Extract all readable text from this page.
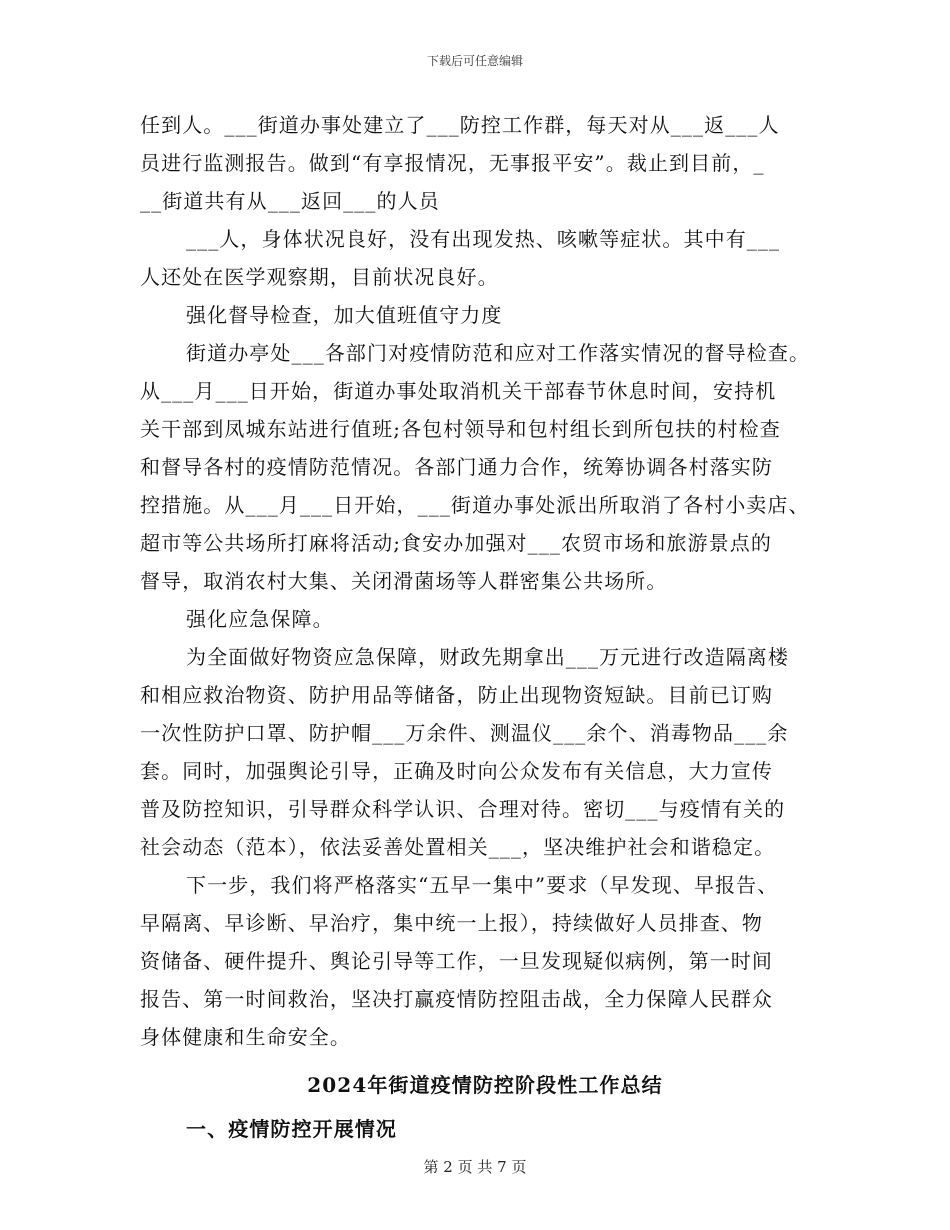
下载后可任意编辑
任到人。___街道办事处建立了___防控工作群，每天对从___返___人
员进行监测报告。做到“有享报情况，无事报平安”。裁止到目前，_
__街道共有从___返回___的人员
___人，身体状况良好，没有出现发热、咳嗽等症状。其中有___
人还处在医学观察期，目前状况良好。
强化督导检查，加大值班值守力度
街道办亭处___各部门对疫情防范和应对工作落实情况的督导检查。
从___月___日开始，街道办事处取消机关干部春节休息时间，安持机
关干部到凤城东站进行值班;各包村领导和包村组长到所包扶的村检查
和督导各村的疫情防范情况。各部门通力合作，统筹协调各村落实防
控措施。从___月___日开始，___街道办事处派出所取消了各村小卖店、
超市等公共场所打麻将活动;食安办加强对___农贸市场和旅游景点的
督导，取消农村大集、关闭滑菌场等人群密集公共场所。
强化应急保障。
为全面做好物资应急保障，财政先期拿出___万元进行改造隔离楼
和相应救治物资、防护用品等储备，防止出现物资短缺。目前已订购
一次性防护口罩、防护帽___万余件、测温仪___余个、消毒物品___余
套。同时，加强舆论引导，正确及时向公众发布有关信息，大力宣传
普及防控知识，引导群众科学认识、合理对待。密切___与疫情有关的
社会动态（范本），依法妥善处置相关___，坚决维护社会和谐稳定。
下一步，我们将严格落实“五早一集中”要求（早发现、早报告、
早隔离、早诊断、早治疗，集中统一上报），持续做好人员排查、物
资储备、硬件提升、舆论引导等工作，一旦发现疑似病例，第一时间
报告、第一时间救治，坚决打赢疫情防控阻击战，全力保障人民群众
身体健康和生命安全。
2024年街道疫情防控阶段性工作总结
一、疫情防控开展情况
第 2 页 共 7 页
